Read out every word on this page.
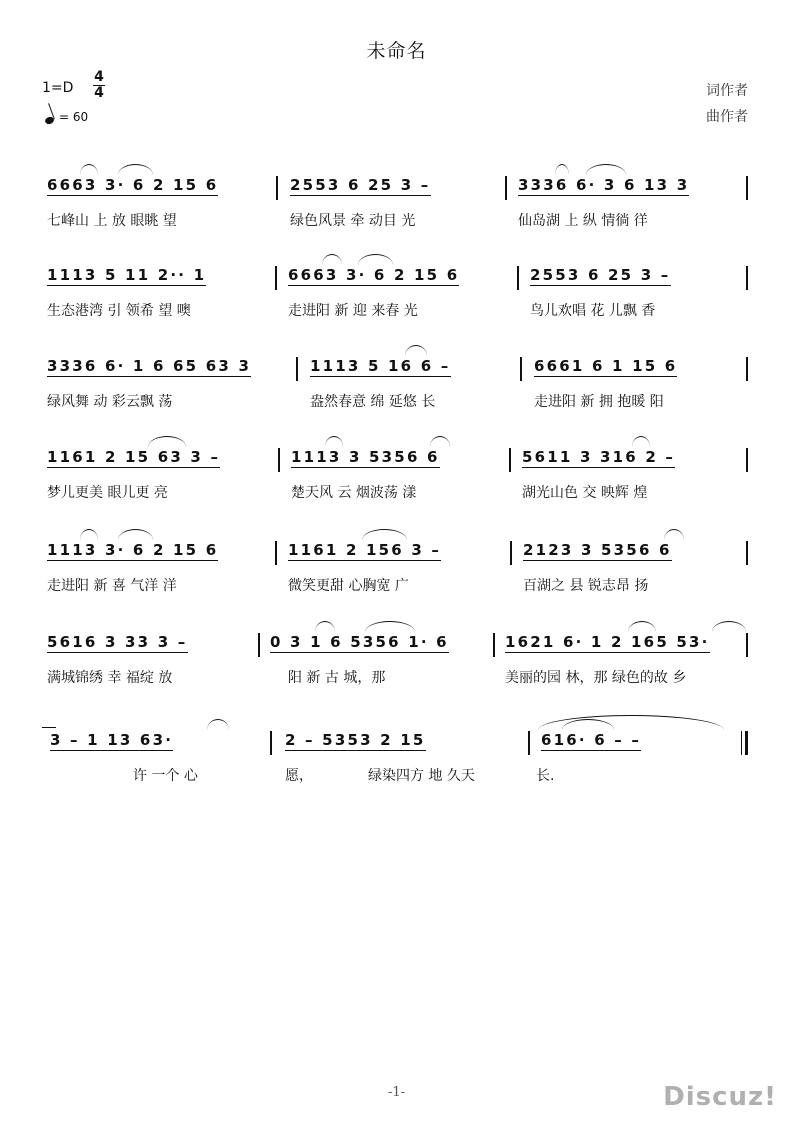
未命名
1=D
4
4
= 60
词作者
曲作者
6663 3· 6 2 15 6	2553 6 25 3 –	3336 6· 3 6 13 3
七峰山 上 放 眼眺 望	绿色风景 牵 动目 光	仙岛湖 上 纵 情徜 徉
1113 5 11 2·· 1	6663 3· 6 2 15 6	2553 6 25 3 –
生态港湾 引 领希 望 噢	走进阳 新 迎 来春 光	鸟儿欢唱 花 儿飘 香
3336 6· 1 6 65 63 3	1113 5 16 6 –	6661 6 1 15 6
绿风舞 动 彩云飘 荡	盎然春意 绵 延悠 长	走进阳 新 拥 抱暖 阳
1161 2 15 63 3 –	1113 3 5356 6	5611 3 316 2 –
梦儿更美 眼儿更 亮	楚天风 云 烟波荡 漾	湖光山色 交 映辉 煌
1113 3· 6 2 15 6	1161 2 156 3 –	2123 3 5356 6
走进阳 新 喜 气洋 洋	微笑更甜 心胸宽 广	百湖之 县 锐志昂 扬
5616 3 33 3 –	0 3 1 6 5356 1· 6	1621 6· 1 2 165 53·
满城锦绣 幸 福绽 放	阳 新 古 城，那	美丽的园 林，那 绿色的故 乡
3 – 1 13 63·	2 – 5353 2 15	616· 6 – –
许 一个 心	愿，	绿染四方 地 久天	长.
-1-	Discuz!
